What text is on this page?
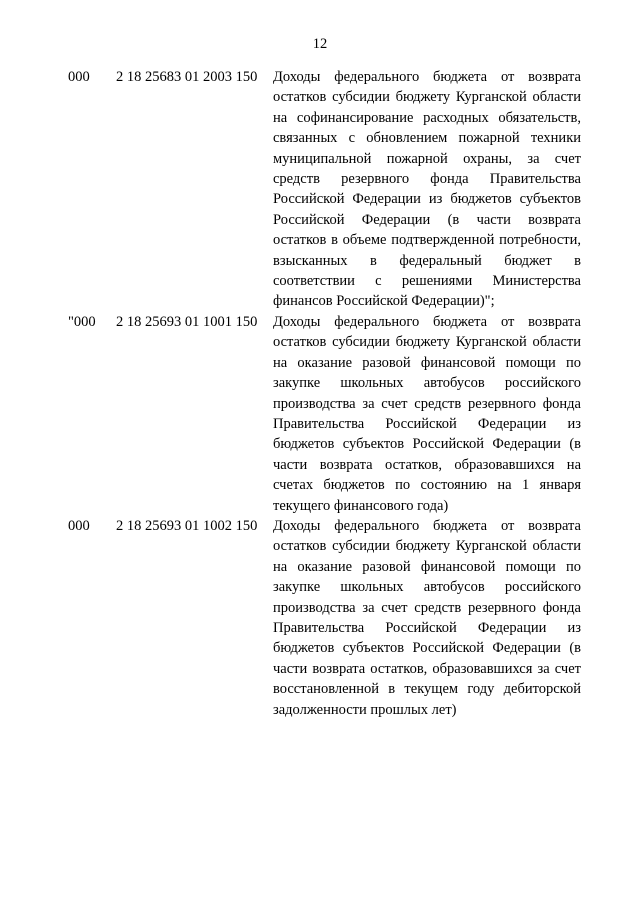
12
000 2 18 25683 01 2003 150 Доходы федерального бюджета от возврата остатков субсидии бюджету Курганской области на софинансирование расходных обязательств, связанных с обновлением пожарной техники муниципальной пожарной охраны, за счет средств резервного фонда Правительства Российской Федерации из бюджетов субъектов Российской Федерации (в части возврата остатков в объеме подтвержденной потребности, взысканных в федеральный бюджет в соответствии с решениями Министерства финансов Российской Федерации)";

"000 2 18 25693 01 1001 150 Доходы федерального бюджета от возврата остатков субсидии бюджету Курганской области на оказание разовой финансовой помощи по закупке школьных автобусов российского производства за счет средств резервного фонда Правительства Российской Федерации из бюджетов субъектов Российской Федерации (в части возврата остатков, образовавшихся на счетах бюджетов по состоянию на 1 января текущего финансового года)

000 2 18 25693 01 1002 150 Доходы федерального бюджета от возврата остатков субсидии бюджету Курганской области на оказание разовой финансовой помощи по закупке школьных автобусов российского производства за счет средств резервного фонда Правительства Российской Федерации из бюджетов субъектов Российской Федерации (в части возврата остатков, образовавшихся за счет восстановленной в текущем году дебиторской задолженности прошлых лет)
